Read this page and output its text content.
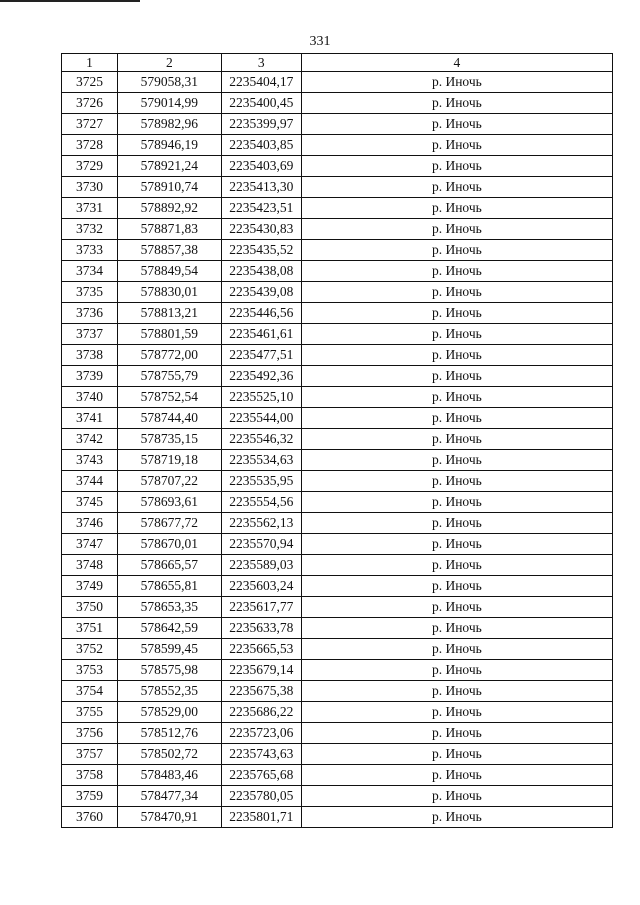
331
1	2	3	4
3725	579058,31	2235404,17	р. Иночь
3726	579014,99	2235400,45	р. Иночь
3727	578982,96	2235399,97	р. Иночь
3728	578946,19	2235403,85	р. Иночь
3729	578921,24	2235403,69	р. Иночь
3730	578910,74	2235413,30	р. Иночь
3731	578892,92	2235423,51	р. Иночь
3732	578871,83	2235430,83	р. Иночь
3733	578857,38	2235435,52	р. Иночь
3734	578849,54	2235438,08	р. Иночь
3735	578830,01	2235439,08	р. Иночь
3736	578813,21	2235446,56	р. Иночь
3737	578801,59	2235461,61	р. Иночь
3738	578772,00	2235477,51	р. Иночь
3739	578755,79	2235492,36	р. Иночь
3740	578752,54	2235525,10	р. Иночь
3741	578744,40	2235544,00	р. Иночь
3742	578735,15	2235546,32	р. Иночь
3743	578719,18	2235534,63	р. Иночь
3744	578707,22	2235535,95	р. Иночь
3745	578693,61	2235554,56	р. Иночь
3746	578677,72	2235562,13	р. Иночь
3747	578670,01	2235570,94	р. Иночь
3748	578665,57	2235589,03	р. Иночь
3749	578655,81	2235603,24	р. Иночь
3750	578653,35	2235617,77	р. Иночь
3751	578642,59	2235633,78	р. Иночь
3752	578599,45	2235665,53	р. Иночь
3753	578575,98	2235679,14	р. Иночь
3754	578552,35	2235675,38	р. Иночь
3755	578529,00	2235686,22	р. Иночь
3756	578512,76	2235723,06	р. Иночь
3757	578502,72	2235743,63	р. Иночь
3758	578483,46	2235765,68	р. Иночь
3759	578477,34	2235780,05	р. Иночь
3760	578470,91	2235801,71	р. Иночь
